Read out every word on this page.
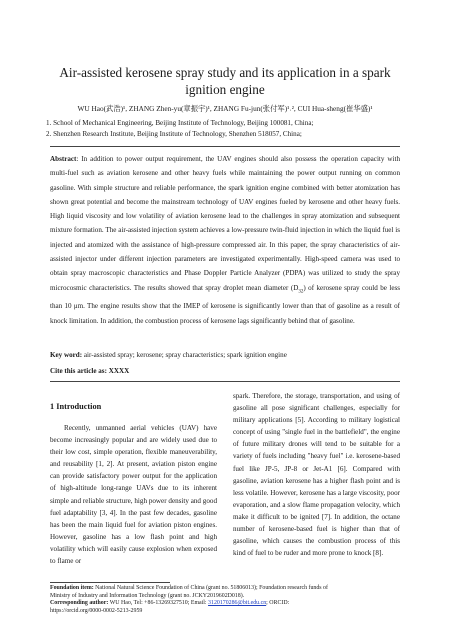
Air-assisted kerosene spray study and its application in a spark
ignition engine
WU Hao(武浩)¹, ZHANG Zhen-yu(章振宇)¹, ZHANG Fu-jun(张付军)¹˒², CUI Hua-sheng(崔华盛)¹
1. School of Mechanical Engineering, Beijing Institute of Technology, Beijing 100081, China;
2. Shenzhen Research Institute, Beijing Institute of Technology, Shenzhen 518057, China;
Abstract: In addition to power output requirement, the UAV engines should also possess the operation capacity with multi-fuel such as aviation kerosene and other heavy fuels while maintaining the power output running on common gasoline. With simple structure and reliable performance, the spark ignition engine combined with better atomization has shown great potential and become the mainstream technology of UAV engines fueled by kerosene and other heavy fuels. High liquid viscosity and low volatility of aviation kerosene lead to the challenges in spray atomization and subsequent mixture formation. The air-assisted injection system achieves a low-pressure twin-fluid injection in which the liquid fuel is injected and atomized with the assistance of high-pressure compressed air. In this paper, the spray characteristics of air-assisted injector under different injection parameters are investigated experimentally. High-speed camera was used to obtain spray macroscopic characteristics and Phase Doppler Particle Analyzer (PDPA) was utilized to study the spray microcosmic characteristics. The results showed that spray droplet mean diameter $(D_{32})$ of kerosene spray could be less than 10 μm. The engine results show that the IMEP of kerosene is significantly lower than that of gasoline as a result of knock limitation. In addition, the combustion process of kerosene lags significantly behind that of gasoline.
Key word: air-assisted spray; kerosene; spray characteristics; spark ignition engine
Cite this article as: XXXX
1 Introduction
Recently, unmanned aerial vehicles (UAV) have become increasingly popular and are widely used due to their low cost, simple operation, flexible maneuverability, and reusability [1, 2]. At present, aviation piston engine can provide satisfactory power output for the application of high-altitude long-range UAVs due to its inherent simple and reliable structure, high power density and good fuel adaptability [3, 4]. In the past few decades, gasoline has been the main liquid fuel for aviation piston engines. However, gasoline has a low flash point and high volatility which will easily cause explosion when exposed to flame or
spark. Therefore, the storage, transportation, and using of gasoline all pose significant challenges, especially for military applications [5]. According to military logistical concept of using "single fuel in the battlefield", the engine of future military drones will tend to be suitable for a variety of fuels including "heavy fuel" i.e. kerosene-based fuel like JP-5, JP-8 or Jet-A1 [6]. Compared with gasoline, aviation kerosene has a higher flash point and is less volatile. However, kerosene has a large viscosity, poor evaporation, and a slow flame propagation velocity, which make it difficult to be ignited [7]. In addition, the octane number of kerosene-based fuel is higher than that of gasoline, which causes the combustion process of this kind of fuel to be ruder and more prone to knock [8].
Foundation item: National Natural Science Foundation of China (grant no. 51806013); Foundation research funds of
Ministry of Industry and Information Technology (grant no. JCKY2019602D018).
Corresponding author: WU Hao, Tel: +86-13269327510; Email: 3120170286@bit.edu.cn; ORCID:
https://orcid.org/0000-0002-5213-2959
